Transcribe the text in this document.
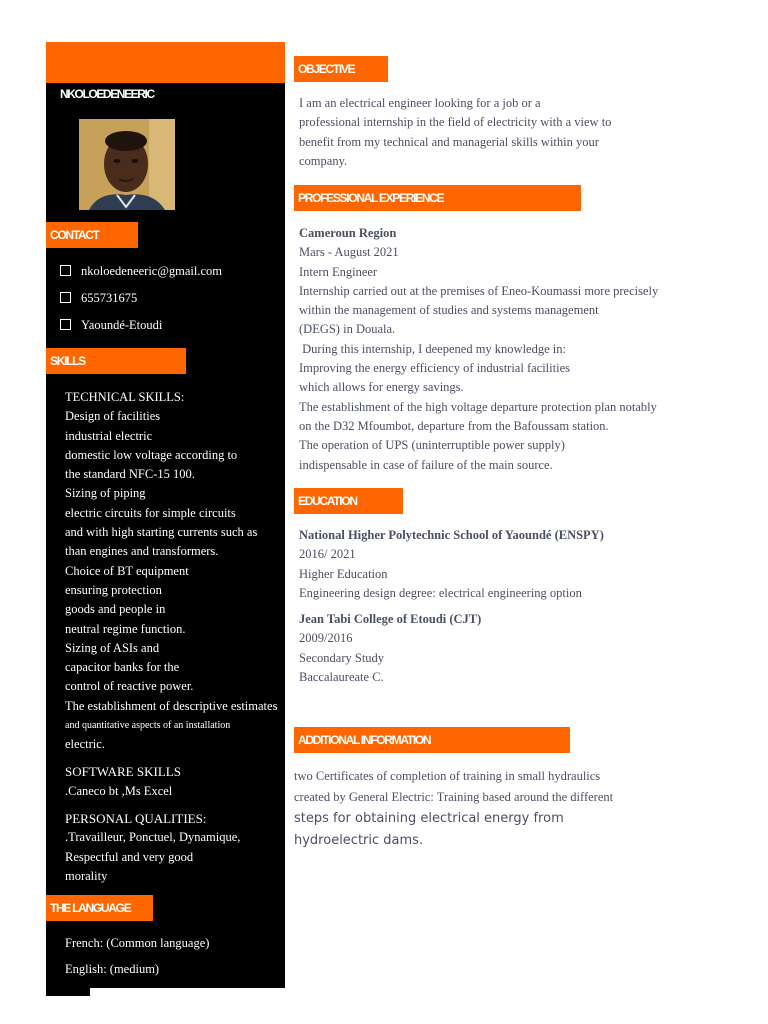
NKOLOEDENEERIC
CONTACT
nkoloedeneeric@gmail.com
655731675
Yaoundé-Etoudi
SKILLS
TECHNICAL SKILLS:
Design of facilities
industrial electric
domestic low voltage according to
the standard NFC-15 100.
Sizing of piping
electric circuits for simple circuits
and with high starting currents such as
than engines and transformers.
Choice of BT equipment
ensuring protection
goods and people in
neutral regime function.
Sizing of ASIs and
capacitor banks for the
control of reactive power.
The establishment of descriptive estimates
and quantitative aspects of an installation
electric.
SOFTWARE SKILLS
.Caneco bt ,Ms Excel
PERSONAL QUALITIES:
.Travailleur, Ponctuel, Dynamique,
Respectful and very good
morality
THE LANGUAGE
French: (Common language)
English: (medium)
OBJECTIVE
I am an electrical engineer looking for a job or a
professional internship in the field of electricity with a view to
benefit from my technical and managerial skills within your
company.
PROFESSIONAL EXPERIENCE
Cameroun Region
Mars - August 2021
Intern Engineer
Internship carried out at the premises of Eneo-Koumassi more precisely
within the management of studies and systems management
(DEGS) in Douala.
During this internship, I deepened my knowledge in:
Improving the energy efficiency of industrial facilities
which allows for energy savings.
The establishment of the high voltage departure protection plan notably
on the D32 Mfoumbot, departure from the Bafoussam station.
The operation of UPS (uninterruptible power supply)
indispensable in case of failure of the main source.
EDUCATION
National Higher Polytechnic School of Yaoundé (ENSPY)
2016/ 2021
Higher Education
Engineering design degree: electrical engineering option
Jean Tabi College of Etoudi (CJT)
2009/2016
Secondary Study
Baccalaureate C.
ADDITIONAL INFORMATION
two Certificates of completion of training in small hydraulics
created by General Electric: Training based around the different
steps for obtaining electrical energy from
hydroelectric dams.
